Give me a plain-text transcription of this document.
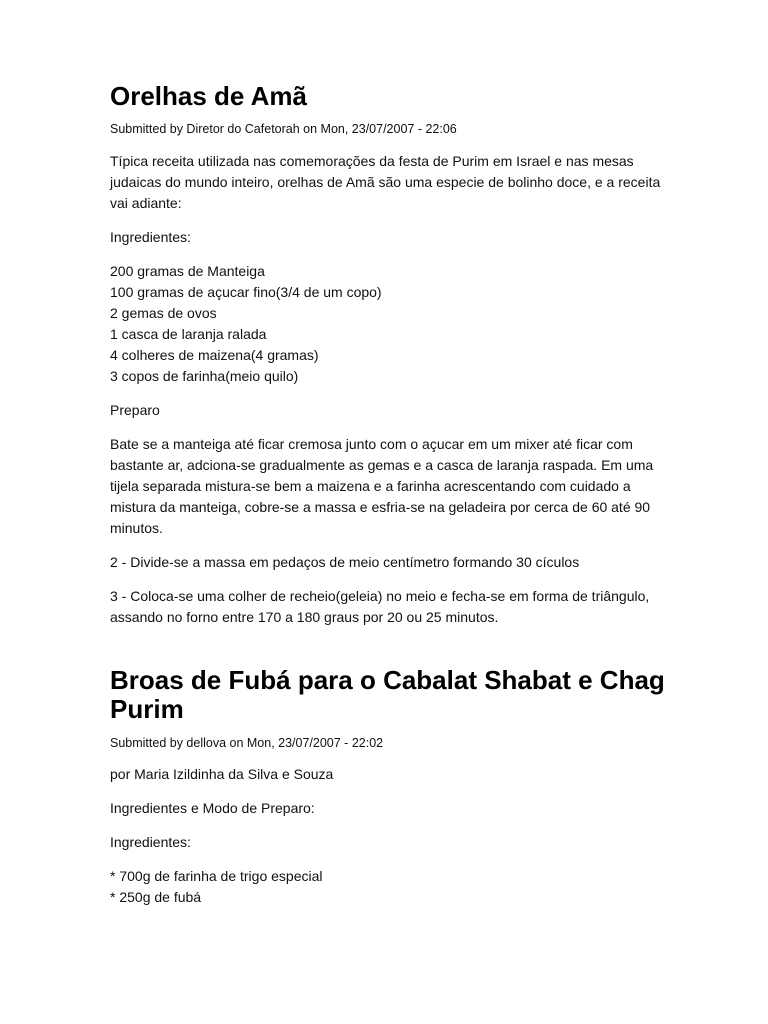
Orelhas de Amã
Submitted by Diretor do Cafetorah on Mon, 23/07/2007 - 22:06

Típica receita utilizada nas comemorações da festa de Purim em Israel e nas mesas judaicas do mundo inteiro, orelhas de Amã são uma especie de bolinho doce, e a receita vai adiante:

Ingredientes:

200 gramas de Manteiga
100 gramas de açucar fino(3/4 de um copo)
2 gemas de ovos
1 casca de laranja ralada
4 colheres de maizena(4 gramas)
3 copos de farinha(meio quilo)

Preparo

Bate se a manteiga até ficar cremosa junto com o açucar em um mixer até ficar com bastante ar, adciona-se gradualmente as gemas e a casca de laranja raspada. Em uma tijela separada mistura-se bem a maizena e a farinha acrescentando com cuidado a mistura da manteiga, cobre-se a massa e esfria-se na geladeira por cerca de 60 até 90 minutos.

2 - Divide-se a massa em pedaços de meio centímetro formando 30 cículos

3 - Coloca-se uma colher de recheio(geleia) no meio e fecha-se em forma de triângulo, assando no forno entre 170 a 180 graus por 20 ou 25 minutos.

Broas de Fubá para o Cabalat Shabat e Chag Purim
Submitted by dellova on Mon, 23/07/2007 - 22:02

por Maria Izildinha da Silva e Souza

Ingredientes e Modo de Preparo:

Ingredientes:

* 700g de farinha de trigo especial
* 250g de fubá
